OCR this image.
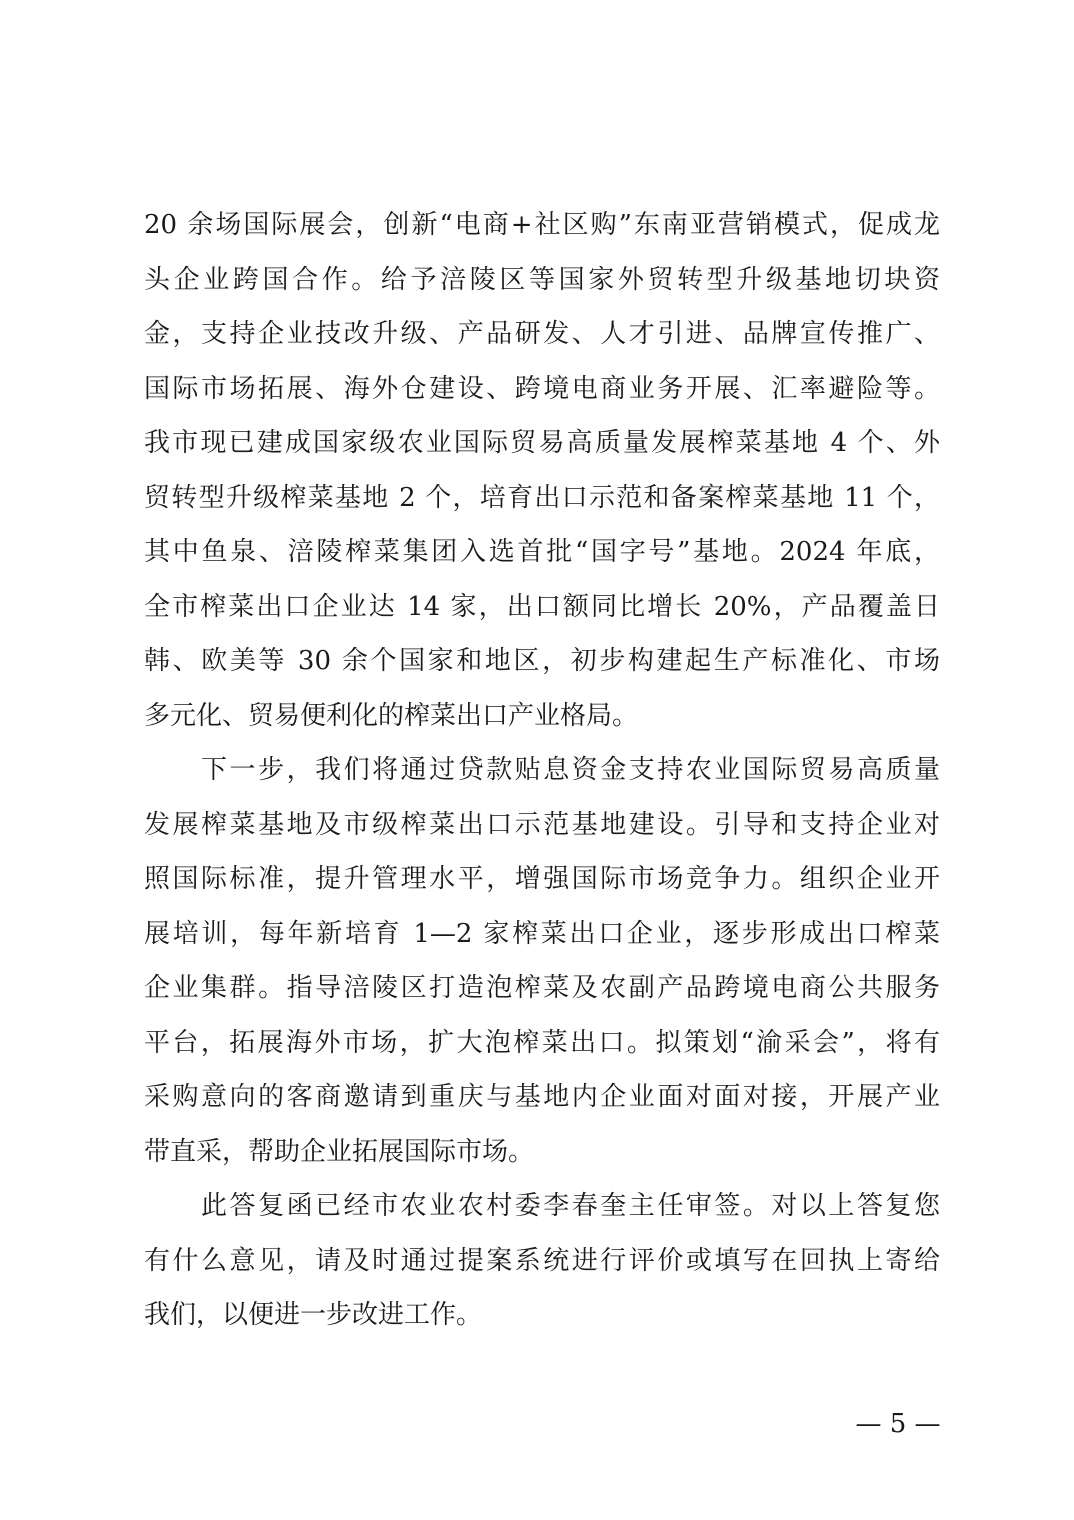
20 余场国际展会，创新“电商+社区购”东南亚营销模式，促成龙
头企业跨国合作。给予涪陵区等国家外贸转型升级基地切块资
金，支持企业技改升级、产品研发、人才引进、品牌宣传推广、
国际市场拓展、海外仓建设、跨境电商业务开展、汇率避险等。
我市现已建成国家级农业国际贸易高质量发展榨菜基地 4 个、外
贸转型升级榨菜基地 2 个，培育出口示范和备案榨菜基地 11 个，
其中鱼泉、涪陵榨菜集团入选首批“国字号”基地。2024 年底，
全市榨菜出口企业达 14 家，出口额同比增长 20%，产品覆盖日
韩、欧美等 30 余个国家和地区，初步构建起生产标准化、市场
多元化、贸易便利化的榨菜出口产业格局。
　　下一步，我们将通过贷款贴息资金支持农业国际贸易高质量
发展榨菜基地及市级榨菜出口示范基地建设。引导和支持企业对
照国际标准，提升管理水平，增强国际市场竞争力。组织企业开
展培训，每年新培育 1—2 家榨菜出口企业，逐步形成出口榨菜
企业集群。指导涪陵区打造泡榨菜及农副产品跨境电商公共服务
平台，拓展海外市场，扩大泡榨菜出口。拟策划“渝采会”，将有
采购意向的客商邀请到重庆与基地内企业面对面对接，开展产业
带直采，帮助企业拓展国际市场。
　　此答复函已经市农业农村委李春奎主任审签。对以上答复您
有什么意见，请及时通过提案系统进行评价或填写在回执上寄给
我们，以便进一步改进工作。
— 5 —
